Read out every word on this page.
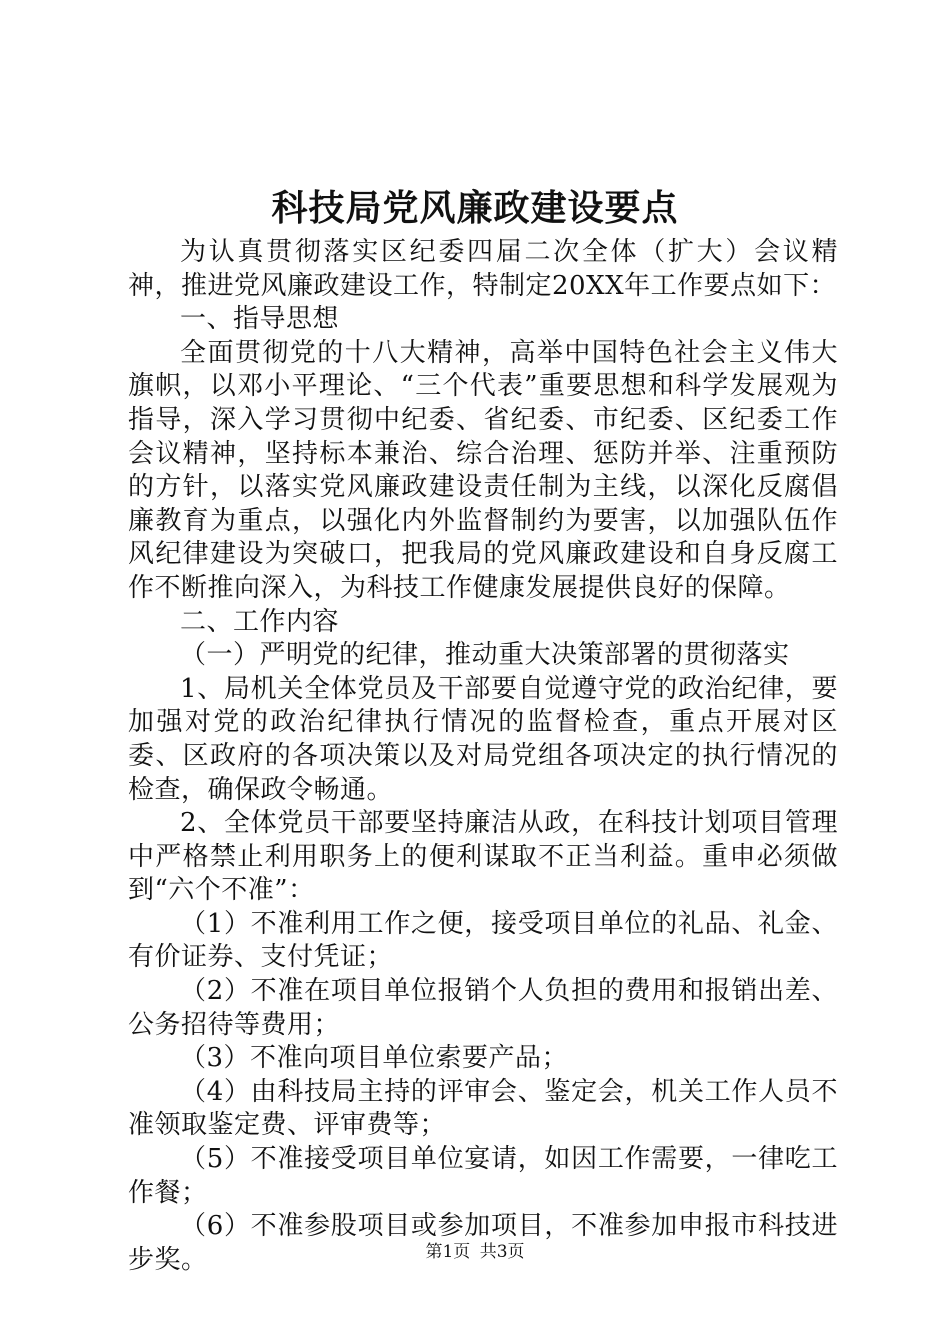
科技局党风廉政建设要点

为认真贯彻落实区纪委四届二次全体（扩大）会议精神，推进党风廉政建设工作，特制定20XX年工作要点如下：

一、指导思想

全面贯彻党的十八大精神，高举中国特色社会主义伟大旗帜，以邓小平理论、“三个代表”重要思想和科学发展观为指导，深入学习贯彻中纪委、省纪委、市纪委、区纪委工作会议精神，坚持标本兼治、综合治理、惩防并举、注重预防的方针，以落实党风廉政建设责任制为主线，以深化反腐倡廉教育为重点，以强化内外监督制约为要害，以加强队伍作风纪律建设为突破口，把我局的党风廉政建设和自身反腐工作不断推向深入，为科技工作健康发展提供良好的保障。

二、工作内容

（一）严明党的纪律，推动重大决策部署的贯彻落实

1、局机关全体党员及干部要自觉遵守党的政治纪律，要加强对党的政治纪律执行情况的监督检查，重点开展对区委、区政府的各项决策以及对局党组各项决定的执行情况的检查，确保政令畅通。

2、全体党员干部要坚持廉洁从政，在科技计划项目管理中严格禁止利用职务上的便利谋取不正当利益。重申必须做到“六个不准”：

（1）不准利用工作之便，接受项目单位的礼品、礼金、有价证券、支付凭证；

（2）不准在项目单位报销个人负担的费用和报销出差、公务招待等费用；

（3）不准向项目单位索要产品；

（4）由科技局主持的评审会、鉴定会，机关工作人员不准领取鉴定费、评审费等；

（5）不准接受项目单位宴请，如因工作需要，一律吃工作餐；

（6）不准参股项目或参加项目，不准参加申报市科技进步奖。	第1页 共3页
